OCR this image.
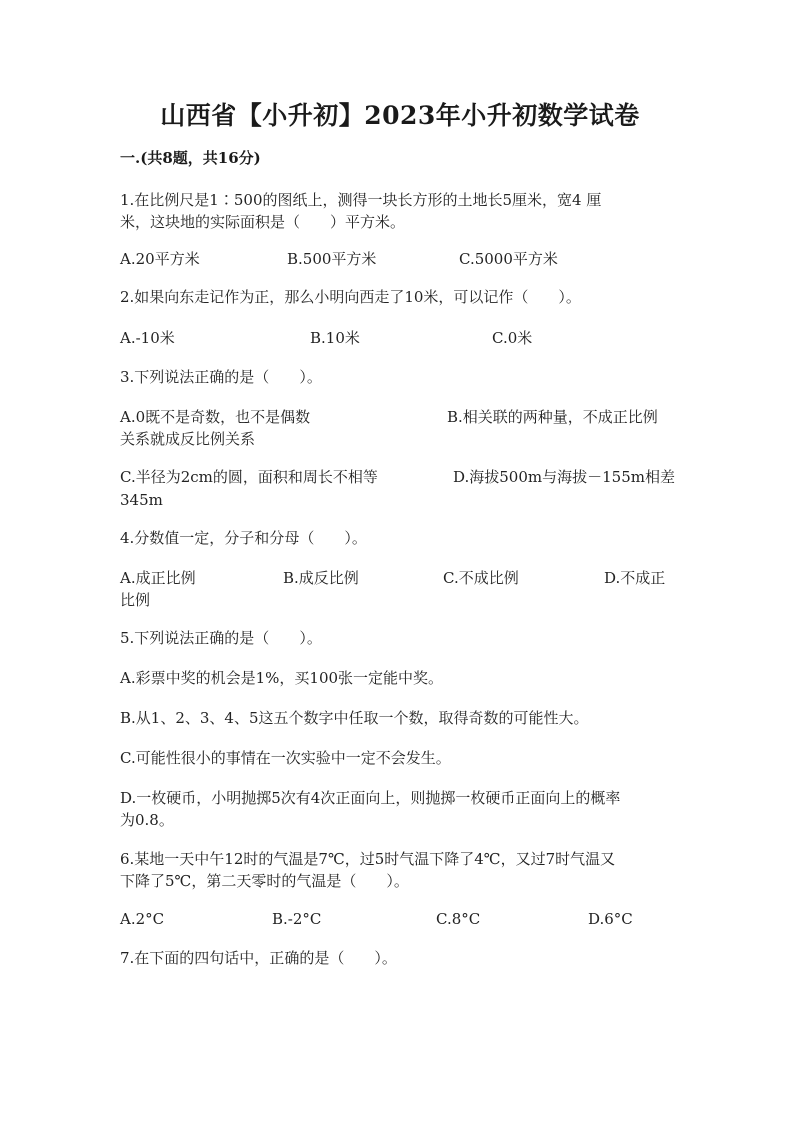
山西省【小升初】2023年小升初数学试卷
一.(共8题，共16分)
1.在比例尺是1∶500的图纸上，测得一块长方形的土地长5厘米，宽4 厘
米，这块地的实际面积是（　　）平方米。
A.20平方米	B.500平方米	C.5000平方米
2.如果向东走记作为正，那么小明向西走了10米，可以记作（　　）。
A.-10米	B.10米	C.0米
3.下列说法正确的是（　　）。
A.0既不是奇数，也不是偶数	B.相关联的两种量，不成正比例
关系就成反比例关系
C.半径为2cm的圆，面积和周长不相等	D.海拔500m与海拔－155m相差
345m
4.分数值一定，分子和分母（　　）。
A.成正比例	B.成反比例	C.不成比例	D.不成正
比例
5.下列说法正确的是（　　）。
A.彩票中奖的机会是1%，买100张一定能中奖。
B.从1、2、3、4、5这五个数字中任取一个数，取得奇数的可能性大。
C.可能性很小的事情在一次实验中一定不会发生。
D.一枚硬币，小明抛掷5次有4次正面向上，则抛掷一枚硬币正面向上的概率
为0.8。
6.某地一天中午12时的气温是7℃，过5时气温下降了4℃，又过7时气温又
下降了5℃，第二天零时的气温是（　　）。
A.2°C	B.-2°C	C.8°C	D.6°C
7.在下面的四句话中，正确的是（　　）。
